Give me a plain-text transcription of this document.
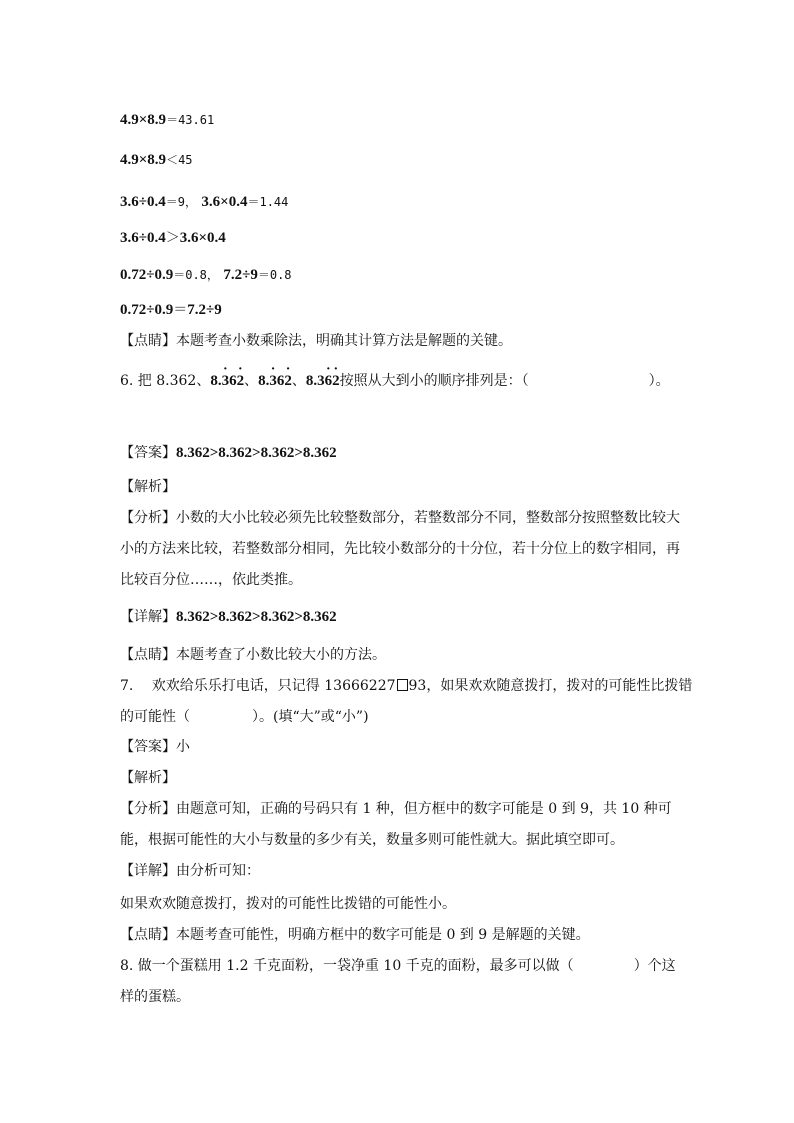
4.9×8.9＝43.61
4.9×8.9＜45
3.6÷0.4＝9， 3.6×0.4＝1.44
3.6÷0.4＞3.6×0.4
0.72÷0.9＝0.8， 7.2÷9＝0.8
0.72÷0.9＝7.2÷9
【点睛】本题考查小数乘除法，明确其计算方法是解题的关键。
6. 把 8.362、8.· 36· 2、8.· 36· 2、8.3· 6· 2按照从大到小的顺序排列是：（	）。
【答案】8.362>8.362>8.362>8.362
【解析】
【分析】小数的大小比较必须先比较整数部分，若整数部分不同，整数部分按照整数比较大小的方法来比较，若整数部分相同，先比较小数部分的十分位，若十分位上的数字相同，再比较百分位……，依此类推。
【详解】8.362>8.362>8.362>8.362
【点睛】本题考查了小数比较大小的方法。
7.　 欢欢给乐乐打电话，只记得 13666227 93，如果欢欢随意拨打，拨对的可能性比拨错
的可能性（	）。(填“大”或“小”)
【答案】小
【解析】
【分析】由题意可知，正确的号码只有 1 种，但方框中的数字可能是 0 到 9，共 10 种可能，根据可能性的大小与数量的多少有关，数量多则可能性就大。据此填空即可。
【详解】由分析可知：
如果欢欢随意拨打，拨对的可能性比拨错的可能性小。
【点睛】本题考查可能性，明确方框中的数字可能是 0 到 9 是解题的关键。
8. 做一个蛋糕用 1.2 千克面粉，一袋净重 10 千克的面粉，最多可以做（	）个这
样的蛋糕。
